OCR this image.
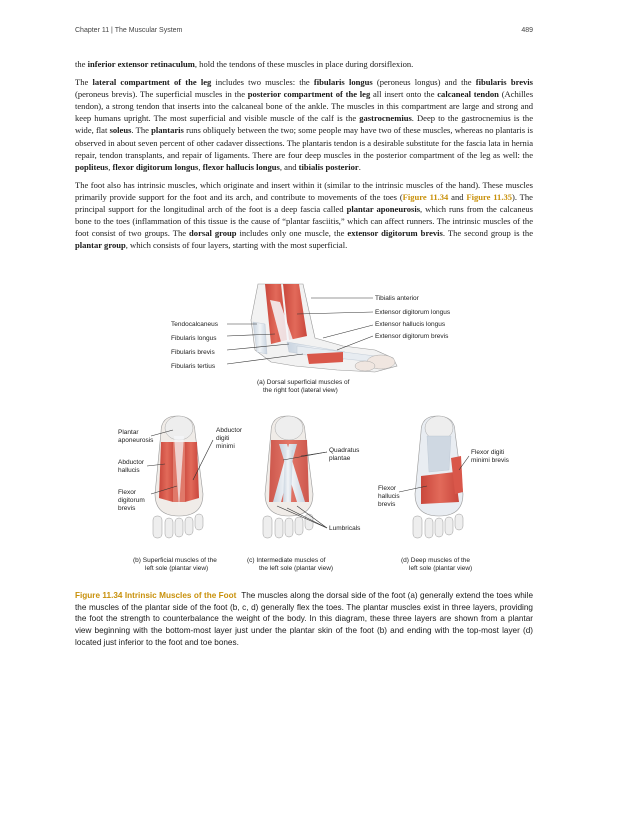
Chapter 11 | The Muscular System	489

the inferior extensor retinaculum, hold the tendons of these muscles in place during dorsiflexion.

The lateral compartment of the leg includes two muscles: the fibularis longus (peroneus longus) and the fibularis brevis (peroneus brevis). The superficial muscles in the posterior compartment of the leg all insert onto the calcaneal tendon (Achilles tendon), a strong tendon that inserts into the calcaneal bone of the ankle. The muscles in this compartment are large and strong and keep humans upright. The most superficial and visible muscle of the calf is the gastrocnemius. Deep to the gastrocnemius is the wide, flat soleus. The plantaris runs obliquely between the two; some people may have two of these muscles, whereas no plantaris is observed in about seven percent of other cadaver dissections. The plantaris tendon is a desirable substitute for the fascia lata in hernia repair, tendon transplants, and repair of ligaments. There are four deep muscles in the posterior compartment of the leg as well: the popliteus, flexor digitorum longus, flexor hallucis longus, and tibialis posterior.

The foot also has intrinsic muscles, which originate and insert within it (similar to the intrinsic muscles of the hand). These muscles primarily provide support for the foot and its arch, and contribute to movements of the toes (Figure 11.34 and Figure 11.35). The principal support for the longitudinal arch of the foot is a deep fascia called plantar aponeurosis, which runs from the calcaneus bone to the toes (inflammation of this tissue is the cause of “plantar fasciitis,” which can affect runners. The intrinsic muscles of the foot consist of two groups. The dorsal group includes only one muscle, the extensor digitorum brevis. The second group is the plantar group, which consists of four layers, starting with the most superficial.

Tibialis anterior
Extensor digitorum longus
Extensor hallucis longus
Extensor digitorum brevis
Tendocalcaneus
Fibularis longus
Fibularis brevis
Fibularis tertius
(a) Dorsal superficial muscles of
the right foot (lateral view)
Plantar
aponeurosis
Abductor
hallucis
Flexor
digitorum
brevis
Abductor
digiti
minimi
(b) Superficial muscles of the
left sole (plantar view)
Quadratus
plantae
Lumbricals
(c) Intermediate muscles of
the left sole (plantar view)
Flexor digiti
minimi brevis
Flexor
hallucis
brevis
(d) Deep muscles of the
left sole (plantar view)
Figure 11.34 Intrinsic Muscles of the Foot The muscles along the dorsal side of the foot (a) generally extend the toes while the muscles of the plantar side of the foot (b, c, d) generally flex the toes. The plantar muscles exist in three layers, providing the foot the strength to counterbalance the weight of the body. In this diagram, these three layers are shown from a plantar view beginning with the bottom-most layer just under the plantar skin of the foot (b) and ending with the top-most layer (d) located just inferior to the foot and toe bones.
